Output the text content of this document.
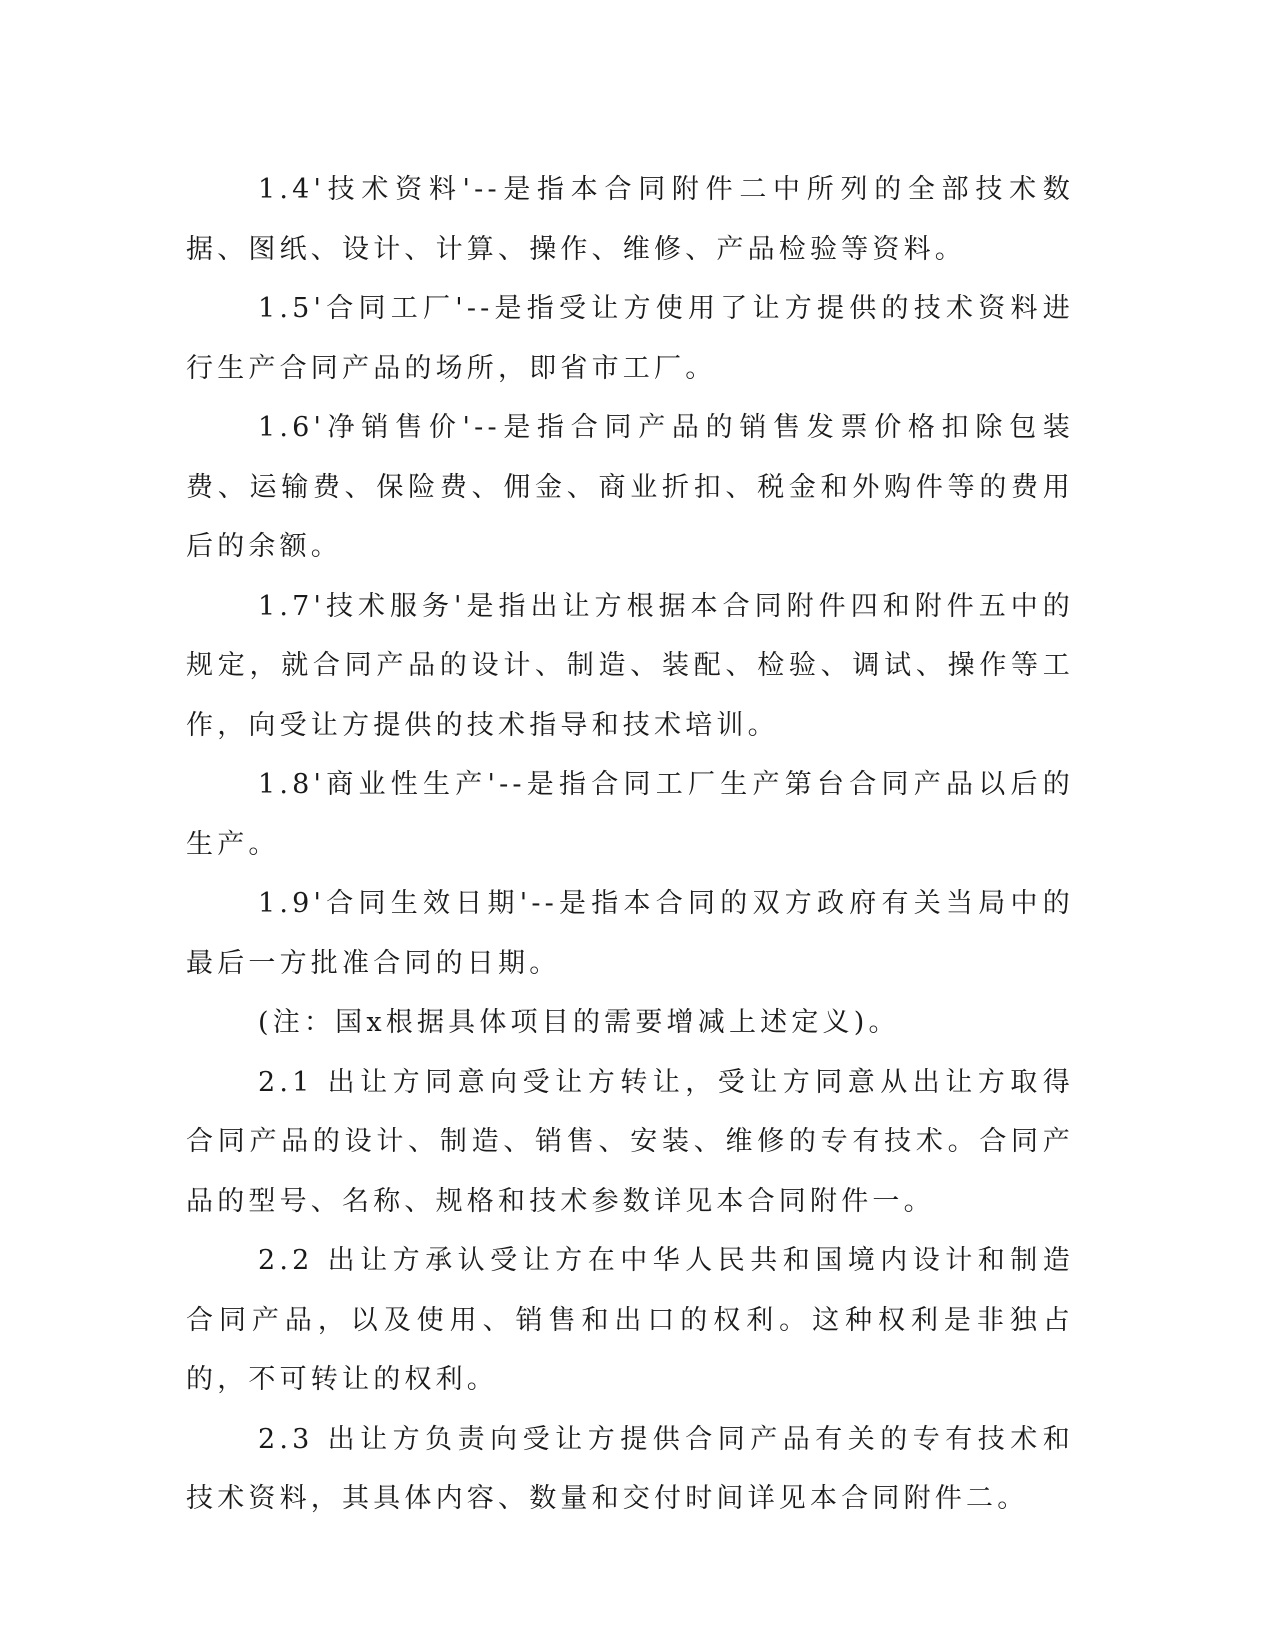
1.4'技术资料'--是指本合同附件二中所列的全部技术数据、图纸、设计、计算、操作、维修、产品检验等资料。

1.5'合同工厂'--是指受让方使用了让方提供的技术资料进行生产合同产品的场所，即省市工厂。

1.6'净销售价'--是指合同产品的销售发票价格扣除包装费、运输费、保险费、佣金、商业折扣、税金和外购件等的费用后的余额。

1.7'技术服务'是指出让方根据本合同附件四和附件五中的规定，就合同产品的设计、制造、装配、检验、调试、操作等工作，向受让方提供的技术指导和技术培训。

1.8'商业性生产'--是指合同工厂生产第台合同产品以后的生产。

1.9'合同生效日期'--是指本合同的双方政府有关当局中的最后一方批准合同的日期。

(注：国x根据具体项目的需要增减上述定义)。

2.1 出让方同意向受让方转让，受让方同意从出让方取得合同产品的设计、制造、销售、安装、维修的专有技术。合同产品的型号、名称、规格和技术参数详见本合同附件一。

2.2 出让方承认受让方在中华人民共和国境内设计和制造合同产品，以及使用、销售和出口的权利。这种权利是非独占的，不可转让的权利。

2.3 出让方负责向受让方提供合同产品有关的专有技术和技术资料，其具体内容、数量和交付时间详见本合同附件二。
